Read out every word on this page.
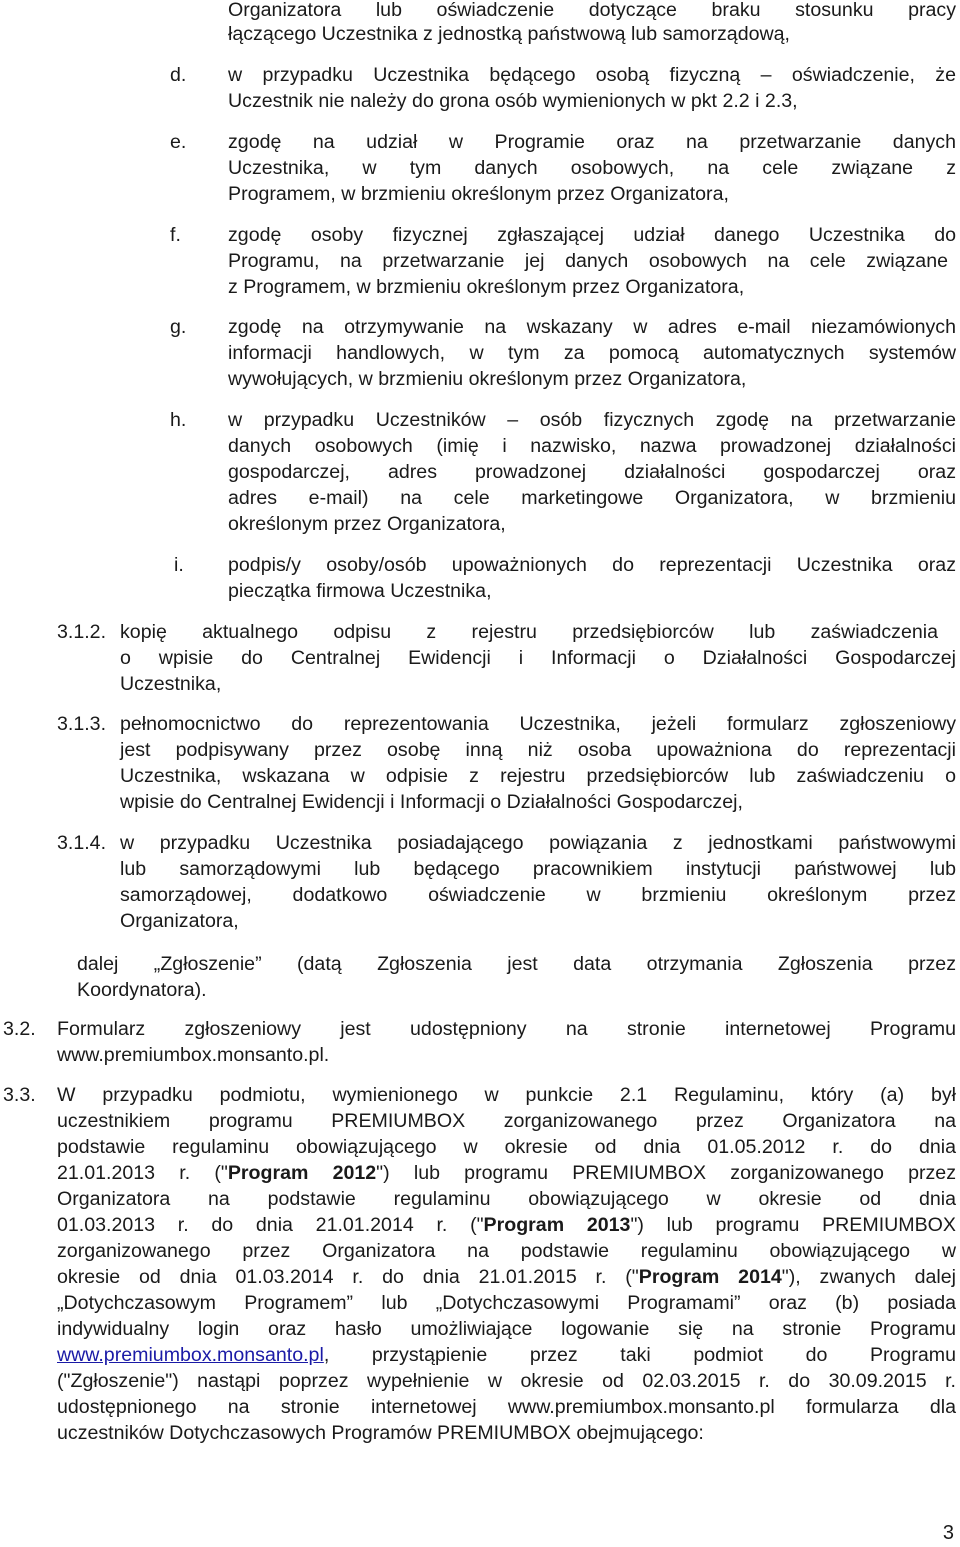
Organizatora lub oświadczenie dotyczące braku stosunku pracy
łączącego Uczestnika z jednostką państwową lub samorządową,
d. w przypadku Uczestnika będącego osobą fizyczną – oświadczenie, że
Uczestnik nie należy do grona osób wymienionych w pkt 2.2 i 2.3,
e. zgodę na udział w Programie oraz na przetwarzanie danych
Uczestnika, w tym danych osobowych, na cele związane z
Programem, w brzmieniu określonym przez Organizatora,
f. zgodę osoby fizycznej zgłaszającej udział danego Uczestnika do
Programu, na przetwarzanie jej danych osobowych na cele związane
z Programem, w brzmieniu określonym przez Organizatora,
g. zgodę na otrzymywanie na wskazany w adres e-mail niezamówionych
informacji handlowych, w tym za pomocą automatycznych systemów
wywołujących, w brzmieniu określonym przez Organizatora,
h. w przypadku Uczestników – osób fizycznych zgodę na przetwarzanie
danych osobowych (imię i nazwisko, nazwa prowadzonej działalności
gospodarczej, adres prowadzonej działalności gospodarczej oraz
adres e-mail) na cele marketingowe Organizatora, w brzmieniu
określonym przez Organizatora,
i. podpis/y osoby/osób upoważnionych do reprezentacji Uczestnika oraz
pieczątka firmowa Uczestnika,
3.1.2. kopię aktualnego odpisu z rejestru przedsiębiorców lub zaświadczenia
o wpisie do Centralnej Ewidencji i Informacji o Działalności Gospodarczej
Uczestnika,
3.1.3. pełnomocnictwo do reprezentowania Uczestnika, jeżeli formularz zgłoszeniowy
jest podpisywany przez osobę inną niż osoba upoważniona do reprezentacji
Uczestnika, wskazana w odpisie z rejestru przedsiębiorców lub zaświadczeniu o
wpisie do Centralnej Ewidencji i Informacji o Działalności Gospodarczej,
3.1.4. w przypadku Uczestnika posiadającego powiązania z jednostkami państwowymi
lub samorządowymi lub będącego pracownikiem instytucji państwowej lub
samorządowej, dodatkowo oświadczenie w brzmieniu określonym przez
Organizatora,
dalej „Zgłoszenie” (datą Zgłoszenia jest data otrzymania Zgłoszenia przez
Koordynatora).
3.2. Formularz zgłoszeniowy jest udostępniony na stronie internetowej Programu
www.premiumbox.monsanto.pl.
3.3. W przypadku podmiotu, wymienionego w punkcie 2.1 Regulaminu, który (a) był
uczestnikiem programu PREMIUMBOX zorganizowanego przez Organizatora na
podstawie regulaminu obowiązującego w okresie od dnia 01.05.2012 r. do dnia
21.01.2013 r. ("Program 2012") lub programu PREMIUMBOX zorganizowanego przez
Organizatora na podstawie regulaminu obowiązującego w okresie od dnia
01.03.2013 r. do dnia 21.01.2014 r. ("Program 2013") lub programu PREMIUMBOX
zorganizowanego przez Organizatora na podstawie regulaminu obowiązującego w
okresie od dnia 01.03.2014 r. do dnia 21.01.2015 r. ("Program 2014"), zwanych dalej
„Dotychczasowym Programem” lub „Dotychczasowymi Programami” oraz (b) posiada
indywidualny login oraz hasło umożliwiające logowanie się na stronie Programu
www.premiumbox.monsanto.pl, przystąpienie przez taki podmiot do Programu
("Zgłoszenie") nastąpi poprzez wypełnienie w okresie od 02.03.2015 r. do 30.09.2015 r.
udostępnionego na stronie internetowej www.premiumbox.monsanto.pl formularza dla
uczestników Dotychczasowych Programów PREMIUMBOX obejmującego:
3
